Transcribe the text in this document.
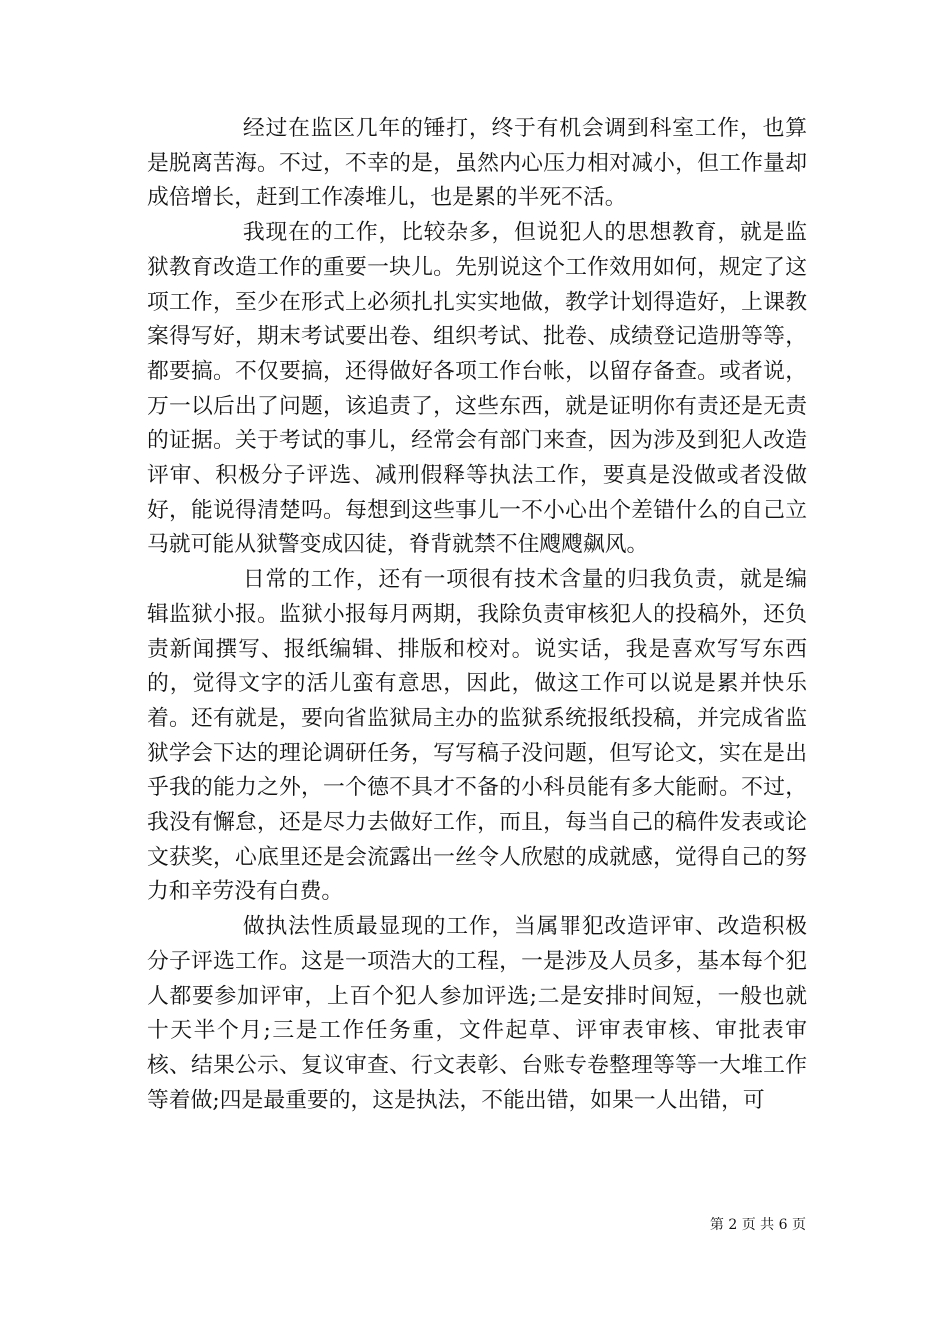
经过在监区几年的锤打，终于有机会调到科室工作，也算是脱离苦海。不过，不幸的是，虽然内心压力相对减小，但工作量却成倍增长，赶到工作凑堆儿，也是累的半死不活。

我现在的工作，比较杂多，但说犯人的思想教育，就是监狱教育改造工作的重要一块儿。先别说这个工作效用如何，规定了这项工作，至少在形式上必须扎扎实实地做，教学计划得造好，上课教案得写好，期末考试要出卷、组织考试、批卷、成绩登记造册等等，都要搞。不仅要搞，还得做好各项工作台帐，以留存备查。或者说，万一以后出了问题，该追责了，这些东西，就是证明你有责还是无责的证据。关于考试的事儿，经常会有部门来查，因为涉及到犯人改造评审、积极分子评选、减刑假释等执法工作，要真是没做或者没做好，能说得清楚吗。每想到这些事儿一不小心出个差错什么的自己立马就可能从狱警变成囚徒，脊背就禁不住飕飕飙风。

日常的工作，还有一项很有技术含量的归我负责，就是编辑监狱小报。监狱小报每月两期，我除负责审核犯人的投稿外，还负责新闻撰写、报纸编辑、排版和校对。说实话，我是喜欢写写东西的，觉得文字的活儿蛮有意思，因此，做这工作可以说是累并快乐着。还有就是，要向省监狱局主办的监狱系统报纸投稿，并完成省监狱学会下达的理论调研任务，写写稿子没问题，但写论文，实在是出乎我的能力之外，一个德不具才不备的小科员能有多大能耐。不过，我没有懈怠，还是尽力去做好工作，而且，每当自己的稿件发表或论文获奖，心底里还是会流露出一丝令人欣慰的成就感，觉得自己的努力和辛劳没有白费。

做执法性质最显现的工作，当属罪犯改造评审、改造积极分子评选工作。这是一项浩大的工程，一是涉及人员多，基本每个犯人都要参加评审，上百个犯人参加评选;二是安排时间短，一般也就十天半个月;三是工作任务重，文件起草、评审表审核、审批表审核、结果公示、复议审查、行文表彰、台账专卷整理等等一大堆工作等着做;四是最重要的，这是执法，不能出错，如果一人出错，可

第 2 页 共 6 页
